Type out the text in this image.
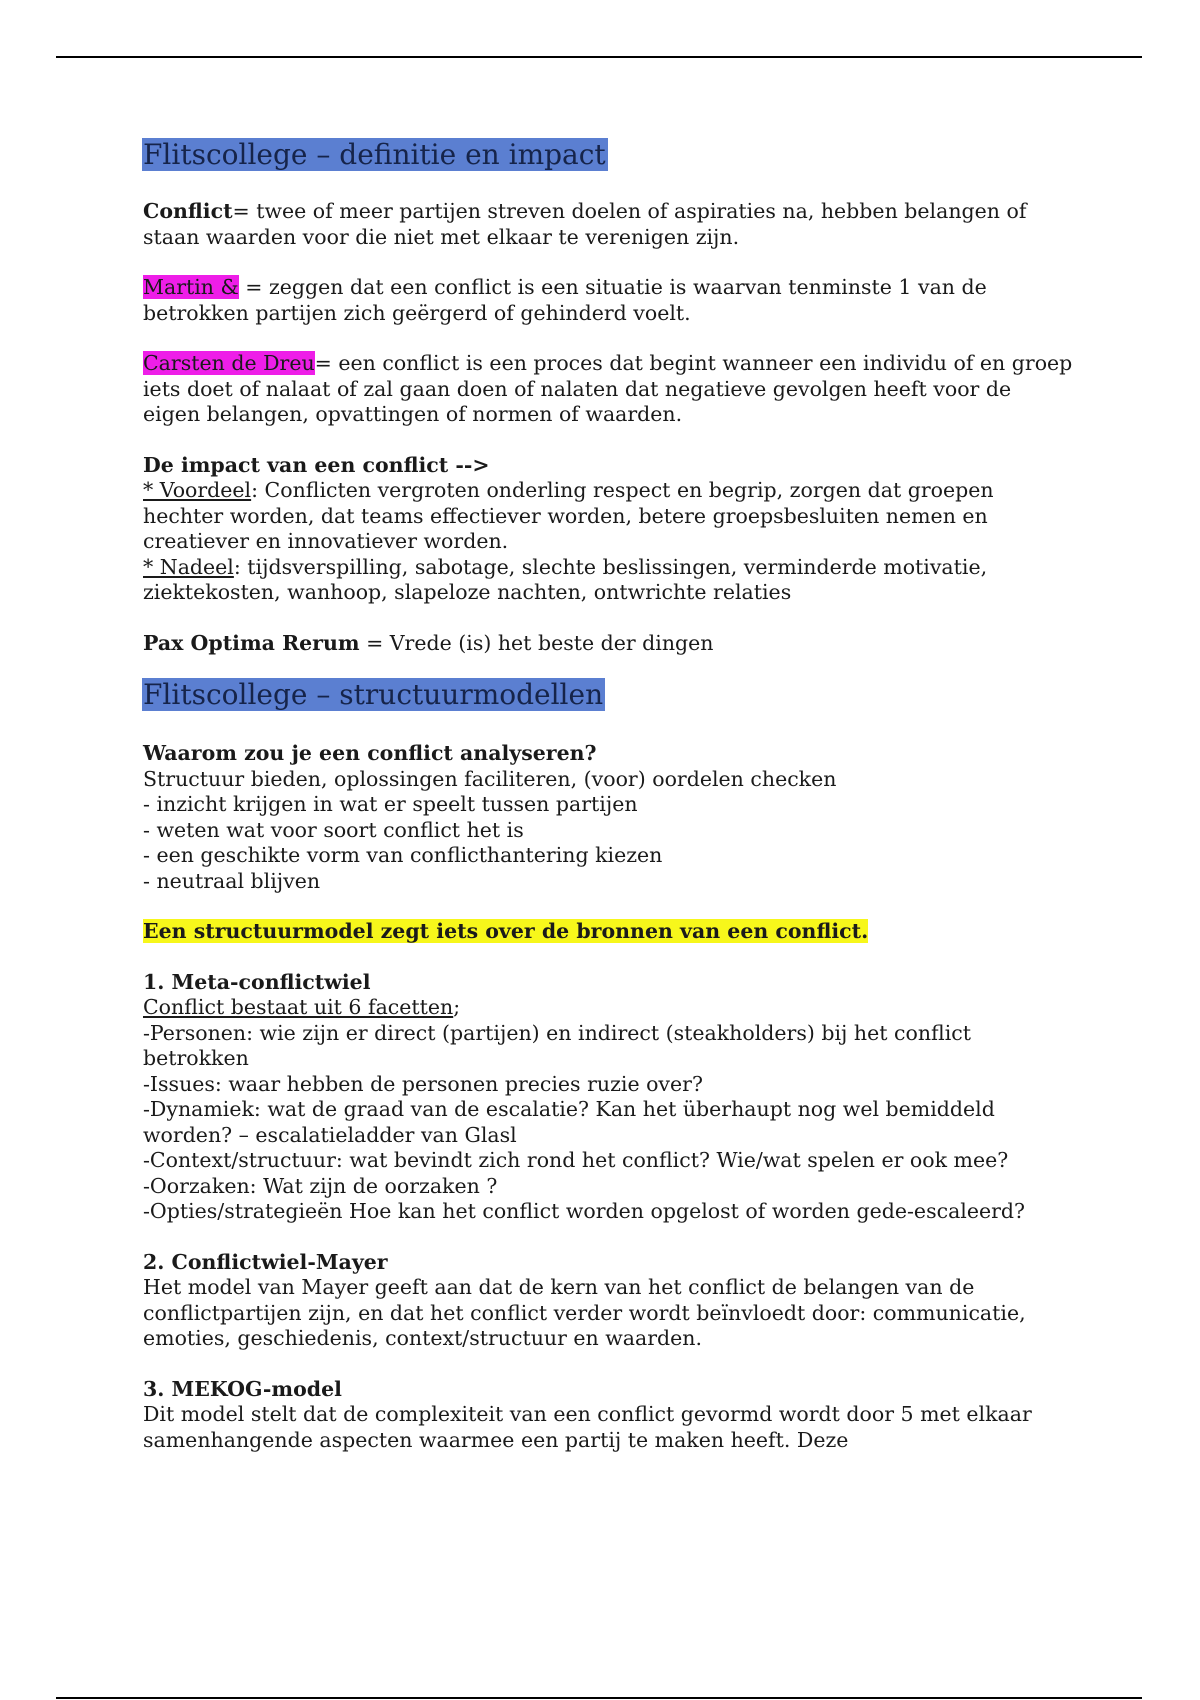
Flitscollege – definitie en impact

Conflict= twee of meer partijen streven doelen of aspiraties na, hebben belangen of staan waarden voor die niet met elkaar te verenigen zijn.

Martin & = zeggen dat een conflict is een situatie is waarvan tenminste 1 van de betrokken partijen zich geërgerd of gehinderd voelt.

Carsten de Dreu= een conflict is een proces dat begint wanneer een individu of en groep iets doet of nalaat of zal gaan doen of nalaten dat negatieve gevolgen heeft voor de eigen belangen, opvattingen of normen of waarden.

De impact van een conflict -->
* Voordeel: Conflicten vergroten onderling respect en begrip, zorgen dat groepen hechter worden, dat teams effectiever worden, betere groepsbesluiten nemen en creatiever en innovatiever worden.
* Nadeel: tijdsverspilling, sabotage, slechte beslissingen, verminderde motivatie, ziektekosten, wanhoop, slapeloze nachten, ontwrichte relaties

Pax Optima Rerum = Vrede (is) het beste der dingen

Flitscollege – structuurmodellen

Waarom zou je een conflict analyseren?
Structuur bieden, oplossingen faciliteren, (voor) oordelen checken
- inzicht krijgen in wat er speelt tussen partijen
- weten wat voor soort conflict het is
- een geschikte vorm van conflicthantering kiezen
- neutraal blijven

Een structuurmodel zegt iets over de bronnen van een conflict.

1. Meta-conflictwiel
Conflict bestaat uit 6 facetten;
-Personen: wie zijn er direct (partijen) en indirect (steakholders) bij het conflict betrokken
-Issues: waar hebben de personen precies ruzie over?
-Dynamiek: wat de graad van de escalatie? Kan het überhaupt nog wel bemiddeld worden? – escalatieladder van Glasl
-Context/structuur: wat bevindt zich rond het conflict? Wie/wat spelen er ook mee?
-Oorzaken: Wat zijn de oorzaken ?
-Opties/strategieën Hoe kan het conflict worden opgelost of worden gede-escaleerd?

2. Conflictwiel-Mayer
Het model van Mayer geeft aan dat de kern van het conflict de belangen van de conflictpartijen zijn, en dat het conflict verder wordt beïnvloedt door: communicatie, emoties, geschiedenis, context/structuur en waarden.

3. MEKOG-model
Dit model stelt dat de complexiteit van een conflict gevormd wordt door 5 met elkaar samenhangende aspecten waarmee een partij te maken heeft. Deze
